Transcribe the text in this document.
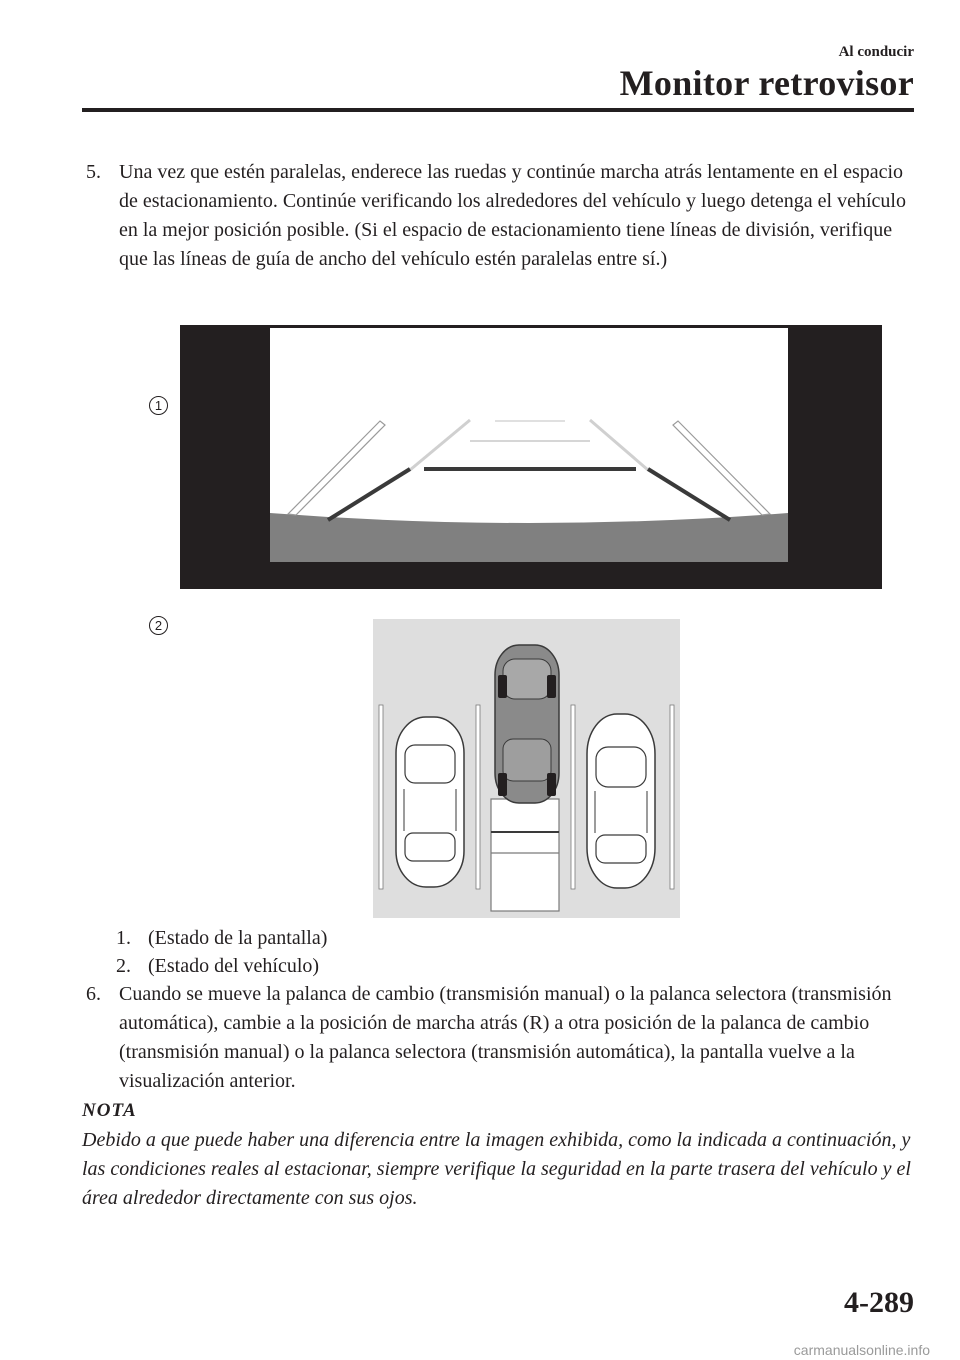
Al conducir
Monitor retrovisor
5. Una vez que estén paralelas, enderece las ruedas y continúe marcha atrás lentamente en el espacio de estacionamiento. Continúe verificando los alrededores del vehículo y luego detenga el vehículo en la mejor posición posible. (Si el espacio de estacionamiento tiene líneas de división, verifique que las líneas de guía de ancho del vehículo estén paralelas entre sí.)
1
2
1. (Estado de la pantalla)
2. (Estado del vehículo)
6. Cuando se mueve la palanca de cambio (transmisión manual) o la palanca selectora (transmisión automática), cambie a la posición de marcha atrás (R) a otra posición de la palanca de cambio (transmisión manual) o la palanca selectora (transmisión automática), la pantalla vuelve a la visualización anterior.
NOTA
Debido a que puede haber una diferencia entre la imagen exhibida, como la indicada a continuación, y las condiciones reales al estacionar, siempre verifique la seguridad en la parte trasera del vehículo y el área alrededor directamente con sus ojos.
4-289
carmanualsonline.info
